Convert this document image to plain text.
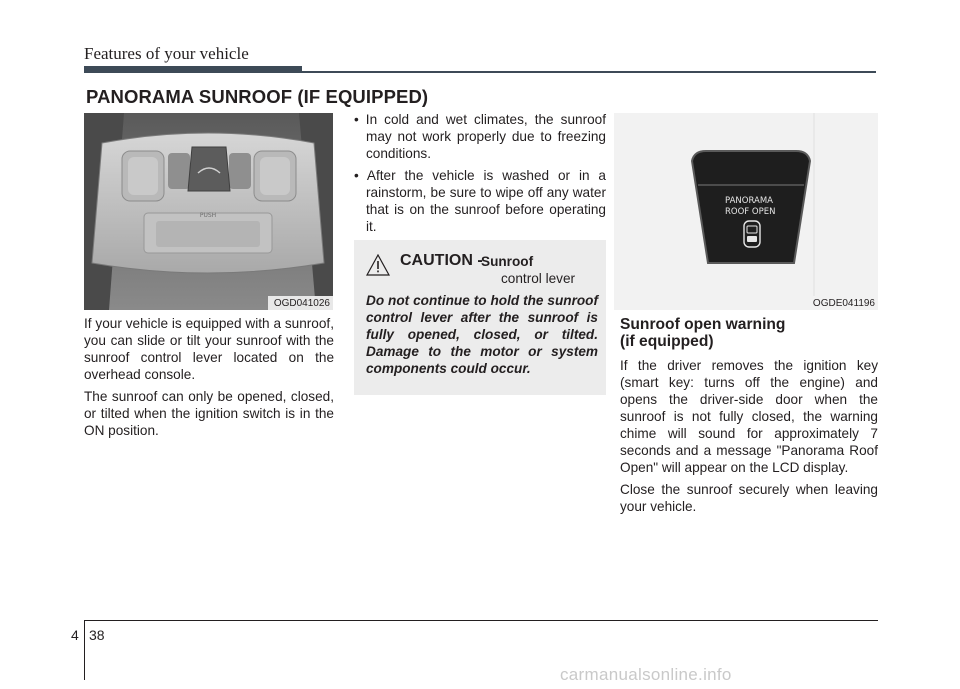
Features of your vehicle
PANORAMA SUNROOF (IF EQUIPPED)
PUSH
OGD041026
PANORAMA
ROOF OPEN
OGDE041196

If your vehicle is equipped with a sunroof, you can slide or tilt your sunroof with the sunroof control lever located on the overhead console.

The sunroof can only be opened, closed, or tilted when the ignition switch is in the ON position.

• In cold and wet climates, the sunroof may not work properly due to freezing conditions.

• After the vehicle is washed or in a rainstorm, be sure to wipe off any water that is on the sunroof before operating it.

CAUTION -
Sunroof
control lever

Do not continue to hold the sunroof control lever after the sunroof is fully opened, closed, or tilted. Damage to the motor or system components could occur.

Sunroof open warning
(if equipped)

If the driver removes the ignition key (smart key: turns off the engine) and opens the driver-side door when the sunroof is not fully closed, the warning chime will sound for approximately 7 seconds and a message "Panorama Roof Open" will appear on the LCD display.

Close the sunroof securely when leaving your vehicle.

4 38
carmanualsonline.info
